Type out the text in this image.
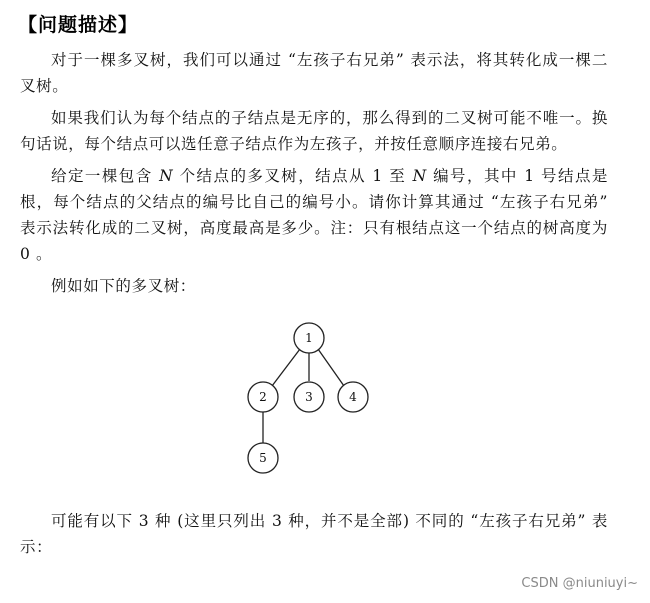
【问题描述】
对于一棵多叉树，我们可以通过 “左孩子右兄弟” 表示法，将其转化成一棵二叉树。
如果我们认为每个结点的子结点是无序的，那么得到的二叉树可能不唯一。换句话说，每个结点可以选任意子结点作为左孩子，并按任意顺序连接右兄弟。
给定一棵包含 N 个结点的多叉树，结点从 1 至 N 编号，其中 1 号结点是根，每个结点的父结点的编号比自己的编号小。请你计算其通过 “左孩子右兄弟” 表示法转化成的二叉树，高度最高是多少。注：只有根结点这一个结点的树高度为 0 。
例如如下的多叉树：
1
2	3	4
5
可能有以下 3 种 (这里只列出 3 种，并不是全部) 不同的 “左孩子右兄弟” 表示：
CSDN @niuniuyi~
